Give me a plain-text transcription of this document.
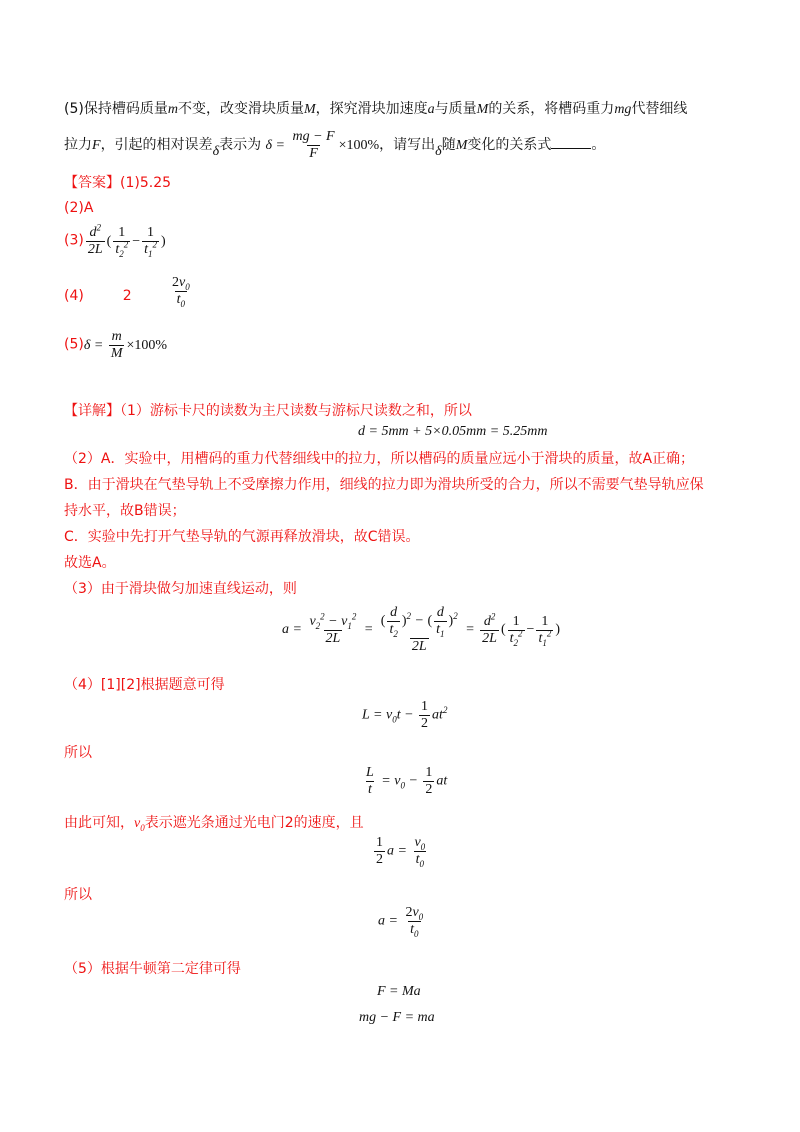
(5)保持槽码质量m不变，改变滑块质量M，探究滑块加速度a与质量M的关系，将槽码重力mg代替细线
拉力F，引起的相对误差δ表示为 $\delta = \frac{mg - F}{F} \times 100\%$，请写出δ随M变化的关系式	。
【答案】(1)5.25
(2)A
$(3) \frac{d^2}{2L}$ ( $\frac{1}{t_2^2} - \frac{1}{t_1^2}$ )
(4)	2	$\frac{2v_0}{t_0}$
$(5)\delta = \frac{m}{M} \times 100\%$
【详解】（1）游标卡尺的读数为主尺读数与游标尺读数之和，所以
d = 5mm + 5×0.05mm = 5.25mm
（2）A．实验中，用槽码的重力代替细线中的拉力，所以槽码的质量应远小于滑块的质量，故A正确；
B．由于滑块在气垫导轨上不受摩擦力作用，细线的拉力即为滑块所受的合力，所以不需要气垫导轨应保
持水平，故B错误；
C．实验中先打开气垫导轨的气源再释放滑块，故C错误。
故选A。
（3）由于滑块做匀加速直线运动，则
$a = \frac{v_2^2 - v_1^2}{2L} = \frac{( \frac{d}{t_2} )^2 - ( \frac{d}{t_1} )^2}{2L} = \frac{d^2}{2L}$ ( $\frac{1}{t_2^2} - \frac{1}{t_1^2}$ )
（4）[1][2]根据题意可得
$L = v_0t - \frac{1}{2} at^2$
所以
$\frac{L}{t} = v_0 - \frac{1}{2}$ at
由此可知，$v_0$表示遮光条通过光电门2的速度，且
$\frac{1}{2}$ $a = \frac{v_0}{t_0}$
所以
$a = \frac{2v_0}{t_0}$
（5）根据牛顿第二定律可得
F = Ma
mg − F = ma
